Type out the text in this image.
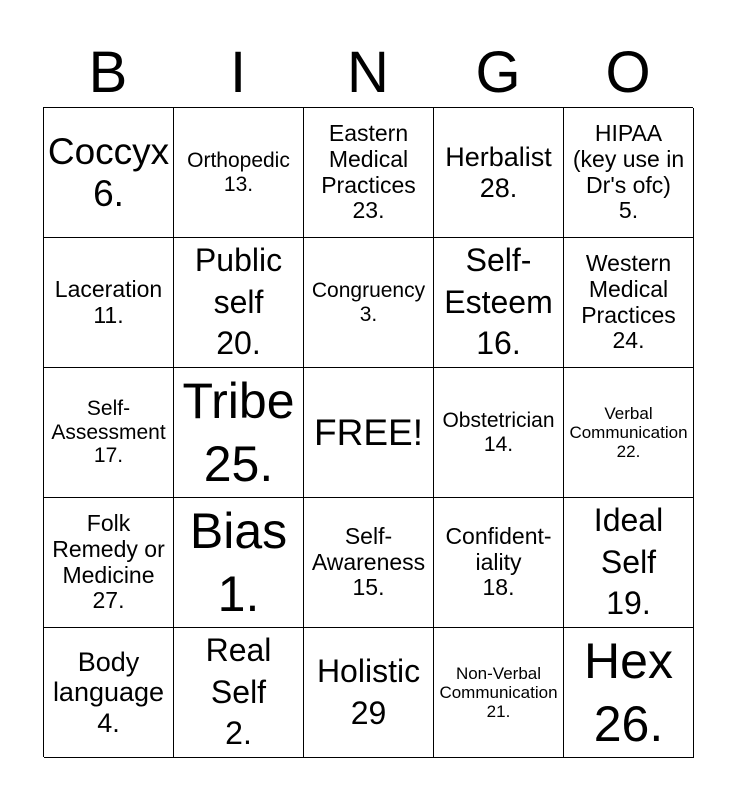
B	I	N	G	O
Coccyx
6.
Orthopedic
13.
Eastern
Medical
Practices
23.
Herbalist
28.
HIPAA
(key use in
Dr's ofc)
5.
Laceration
11.
Public
self
20.
Congruency
3.
Self-
Esteem
16.
Western
Medical
Practices
24.
Self-
Assessment
17.
Tribe
25.
FREE! Obstetrician
14.
Verbal
Communication
22.
Folk
Remedy or
Medicine
27.
Bias
1.
Self-
Awareness
15.
Confident-
iality
18.
Ideal
Self
19.
Body
language
4.
Real
Self
2.
Holistic
29
Non-Verbal
Communication
21.
Hex
26.
